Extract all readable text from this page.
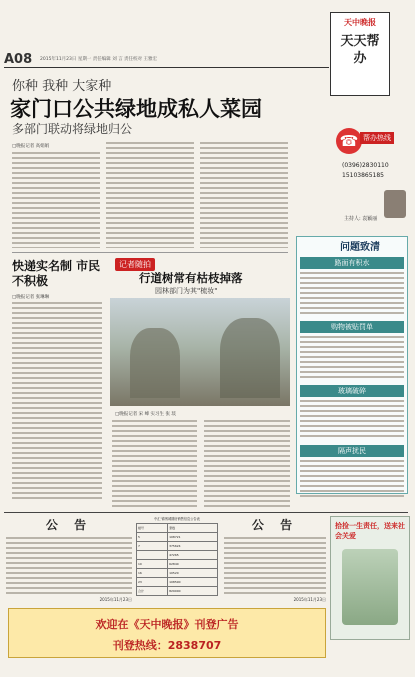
A08 2015年11月23日 星期一 责任编辑 刘 言 责任校对 王雅宏
天中晚报
天天帮办
你种 我种 大家种
家门口公共绿地成私人菜园
多部门联动将绿地归公
☎ 帮办热线
(0396)2830110
15103865185
□晚报记者 高娟娟
主持人: 袁颖丽
问题致清
路面有积水
购物被贴罚单
玻璃破碎
隔声扰民
快递实名制 市民不积极
□晚报记者 张琳琳
记者随拍
行道树常有枯枝掉落
园林部门为其"梳妆"
□晚报记者 宋 峰 实习生 张 琰
公 告
2015年11月23日
中汇·锦绣城期房销售信息公告表
楼号	套数
5	108721
7	375624
	47265
10	62840
16	10520
23	108590
合计	829000
公 告
2015年11月23日
拾捡一生责任，送来社会关爱
欢迎在《天中晚报》刊登广告
刊登热线：2838707
